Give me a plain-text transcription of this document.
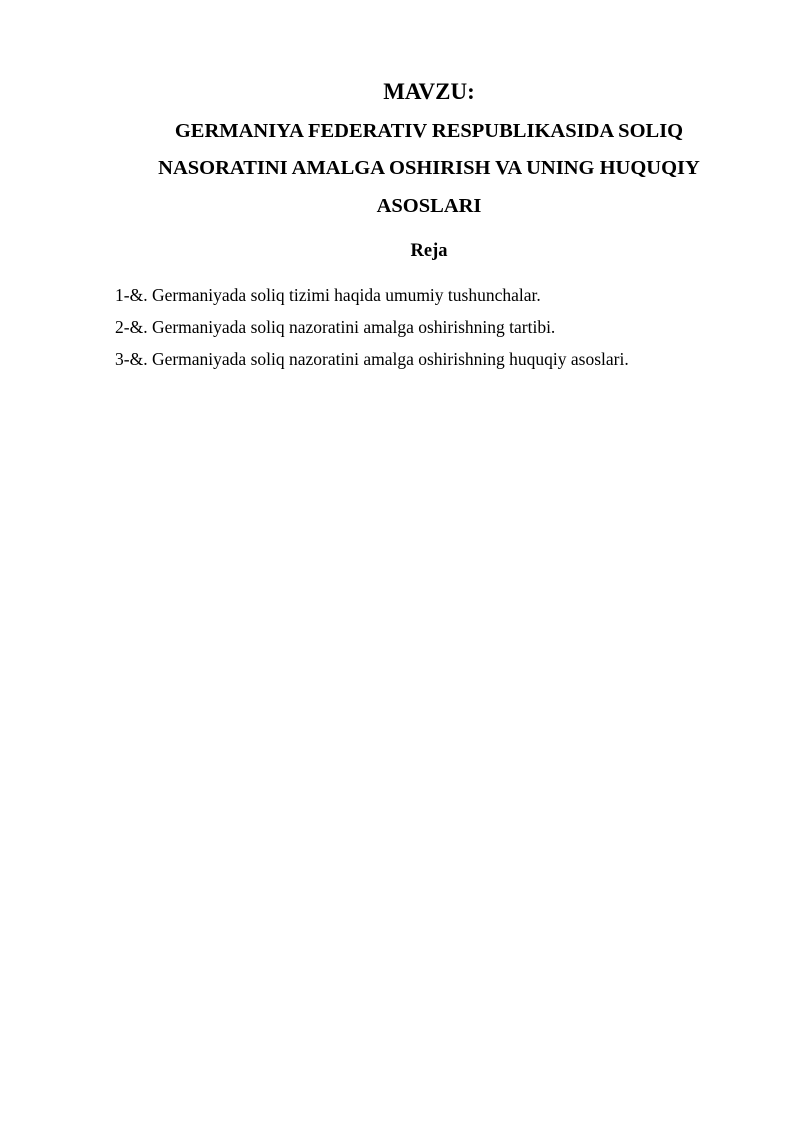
MAVZU:
GERMANIYA FEDERATIV RESPUBLIKASIDA SOLIQ
NASORATINI AMALGA OSHIRISH VA UNING HUQUQIY
ASOSLARI
Reja
1-&. Germaniyada soliq tizimi haqida umumiy tushunchalar.
2-&. Germaniyada soliq nazoratini amalga oshirishning tartibi.
3-&. Germaniyada soliq nazoratini amalga oshirishning huquqiy asoslari.
